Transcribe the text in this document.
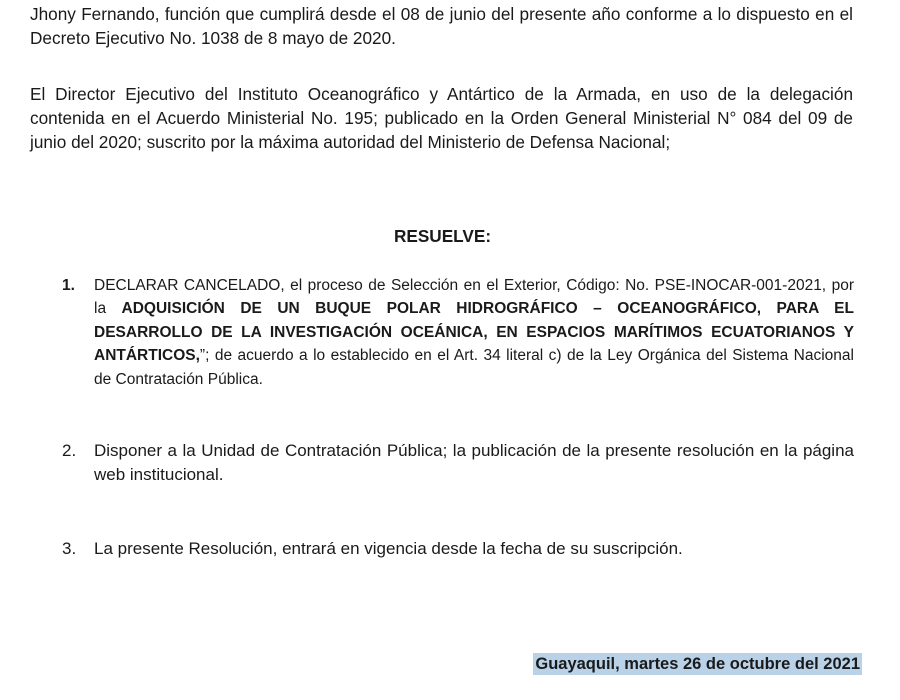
Jhony Fernando, función que cumplirá desde el 08 de junio del presente año conforme a lo dispuesto en el Decreto Ejecutivo No. 1038 de 8 mayo de 2020.

El Director Ejecutivo del Instituto Oceanográfico y Antártico de la Armada, en uso de la delegación contenida en el Acuerdo Ministerial No. 195; publicado en la Orden General Ministerial N° 084 del 09 de junio del 2020; suscrito por la máxima autoridad del Ministerio de Defensa Nacional;

RESUELVE:

1. DECLARAR CANCELADO, el proceso de Selección en el Exterior, Código: No. PSE-INOCAR-001-2021, por la ADQUISICIÓN DE UN BUQUE POLAR HIDROGRÁFICO – OCEANOGRÁFICO, PARA EL DESARROLLO DE LA INVESTIGACIÓN OCEÁNICA, EN ESPACIOS MARÍTIMOS ECUATORIANOS Y ANTÁRTICOS,”; de acuerdo a lo establecido en el Art. 34 literal c) de la Ley Orgánica del Sistema Nacional de Contratación Pública.
2. Disponer a la Unidad de Contratación Pública; la publicación de la presente resolución en la página web institucional.
3. La presente Resolución, entrará en vigencia desde la fecha de su suscripción.
Guayaquil, martes 26 de octubre del 2021
